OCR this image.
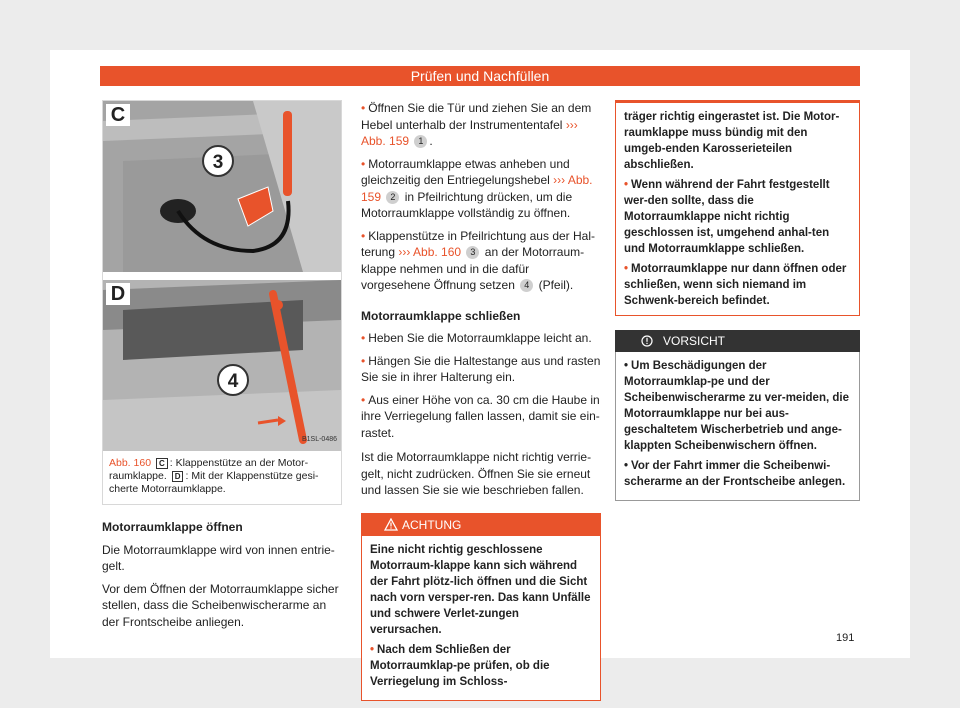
Prüfen und Nachfüllen
3
C
4
D
B1SL-0486
Abb. 160 C : Klappenstütze an der Motor-raumklappe. D : Mit der Klappenstütze gesi-cherte Motorraumklappe.
Motorraumklappe öffnen

Die Motorraumklappe wird von innen entrie-gelt.

Vor dem Öffnen der Motorraumklappe sicher stellen, dass die Scheibenwischerarme an der Frontscheibe anliegen.

• Öffnen Sie die Tür und ziehen Sie an dem Hebel unterhalb der Instrumententafel ››› Abb. 159 1 .

• Motorraumklappe etwas anheben und gleichzeitig den Entriegelungshebel ››› Abb. 159 2 in Pfeilrichtung drücken, um die Motorraumklappe vollständig zu öffnen.

• Klappenstütze in Pfeilrichtung aus der Hal-terung ››› Abb. 160 3 an der Motorraum-klappe nehmen und in die dafür vorgesehene Öffnung setzen 4 (Pfeil).

Motorraumklappe schließen

• Heben Sie die Motorraumklappe leicht an.

• Hängen Sie die Haltestange aus und rasten Sie sie in ihrer Halterung ein.

• Aus einer Höhe von ca. 30 cm die Haube in ihre Verriegelung fallen lassen, damit sie ein-rastet.

Ist die Motorraumklappe nicht richtig verrie-gelt, nicht zudrücken. Öffnen Sie sie erneut und lassen Sie sie wie beschrieben fallen.

ACHTUNG

Eine nicht richtig geschlossene Motorraum-klappe kann sich während der Fahrt plötz-lich öffnen und die Sicht nach vorn versper-ren. Das kann Unfälle und schwere Verlet-zungen verursachen.

• Nach dem Schließen der Motorraumklap-pe prüfen, ob die Verriegelung im Schloss-

träger richtig eingerastet ist. Die Motor-raumklappe muss bündig mit den umgeb-enden Karosserieteilen abschließen.

• Wenn während der Fahrt festgestellt wer-den sollte, dass die Motorraumklappe nicht richtig geschlossen ist, umgehend anhal-ten und Motorraumklappe schließen.

• Motorraumklappe nur dann öffnen oder schließen, wenn sich niemand im Schwenk-bereich befindet.

VORSICHT

• Um Beschädigungen der Motorraumklap-pe und der Scheibenwischerarme zu ver-meiden, die Motorraumklappe nur bei aus-geschaltetem Wischerbetrieb und ange-klappten Scheibenwischern öffnen.

• Vor der Fahrt immer die Scheibenwi-scherarme an der Frontscheibe anlegen.

191
